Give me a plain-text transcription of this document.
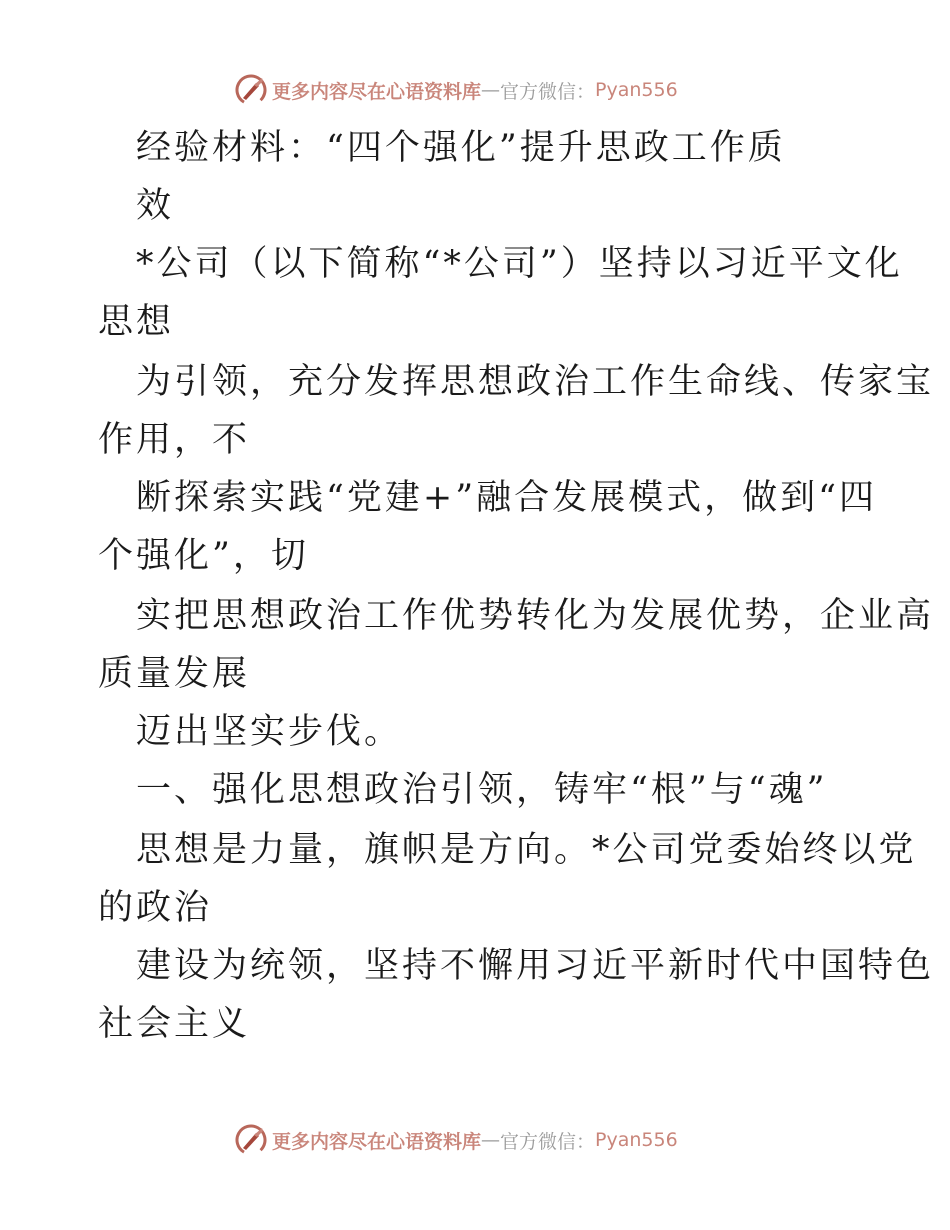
更多内容尽在心语资料库 — 官方微信： Pyan556
经验材料：“四个强化”提升思政工作质
效
*公司（以下简称“*公司”）坚持以习近平文化
思想
为引领，充分发挥思想政治工作生命线、传家宝
作用，不
断探索实践“党建+”融合发展模式，做到“四
个强化”，切
实把思想政治工作优势转化为发展优势，企业高
质量发展
迈出坚实步伐。
一、强化思想政治引领，铸牢“根”与“魂”
思想是力量，旗帜是方向。*公司党委始终以党
的政治
建设为统领，坚持不懈用习近平新时代中国特色
社会主义
更多内容尽在心语资料库 — 官方微信： Pyan556
